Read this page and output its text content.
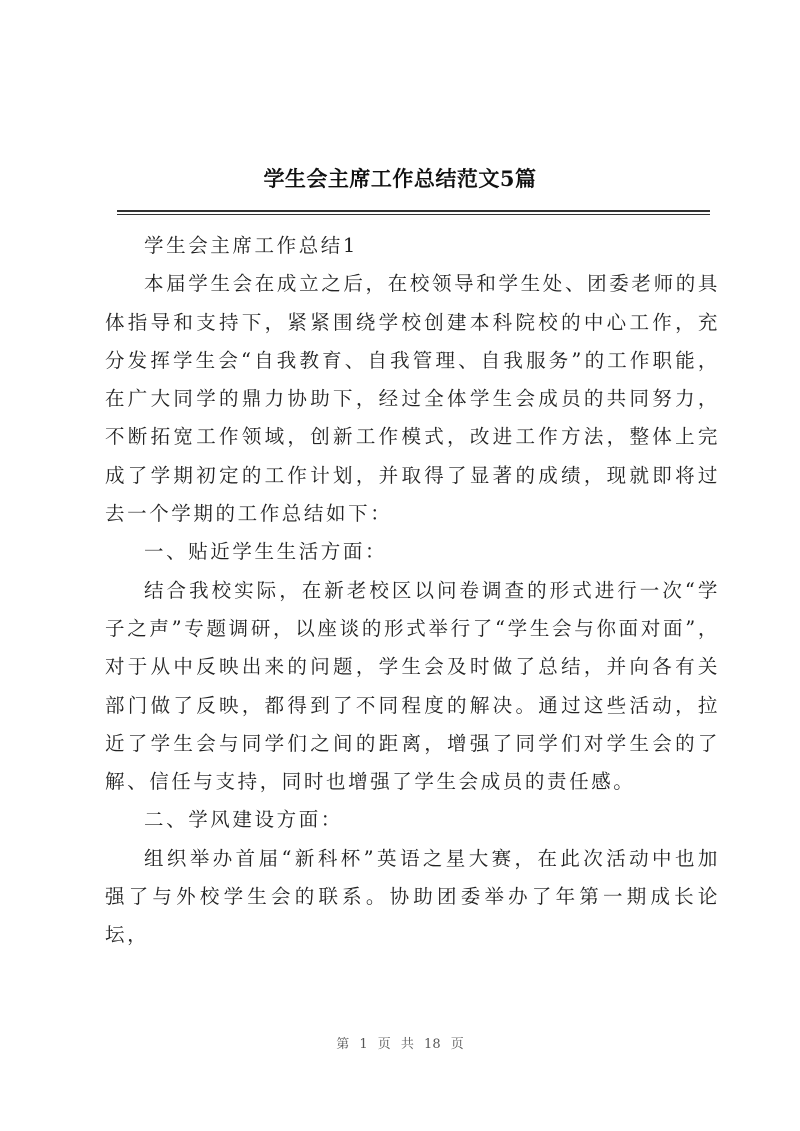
学生会主席工作总结范文5篇

学生会主席工作总结1

本届学生会在成立之后，在校领导和学生处、团委老师的具体指导和支持下，紧紧围绕学校创建本科院校的中心工作，充分发挥学生会“自我教育、自我管理、自我服务”的工作职能，在广大同学的鼎力协助下，经过全体学生会成员的共同努力，不断拓宽工作领域，创新工作模式，改进工作方法，整体上完成了学期初定的工作计划，并取得了显著的成绩，现就即将过去一个学期的工作总结如下：

一、贴近学生生活方面：

结合我校实际，在新老校区以问卷调查的形式进行一次“学子之声”专题调研，以座谈的形式举行了“学生会与你面对面”，对于从中反映出来的问题，学生会及时做了总结，并向各有关部门做了反映，都得到了不同程度的解决。通过这些活动，拉近了学生会与同学们之间的距离，增强了同学们对学生会的了解、信任与支持，同时也增强了学生会成员的责任感。

二、学风建设方面：

组织举办首届“新科杯”英语之星大赛，在此次活动中也加强了与外校学生会的联系。协助团委举办了年第一期成长论坛，

第 1 页 共 18 页
